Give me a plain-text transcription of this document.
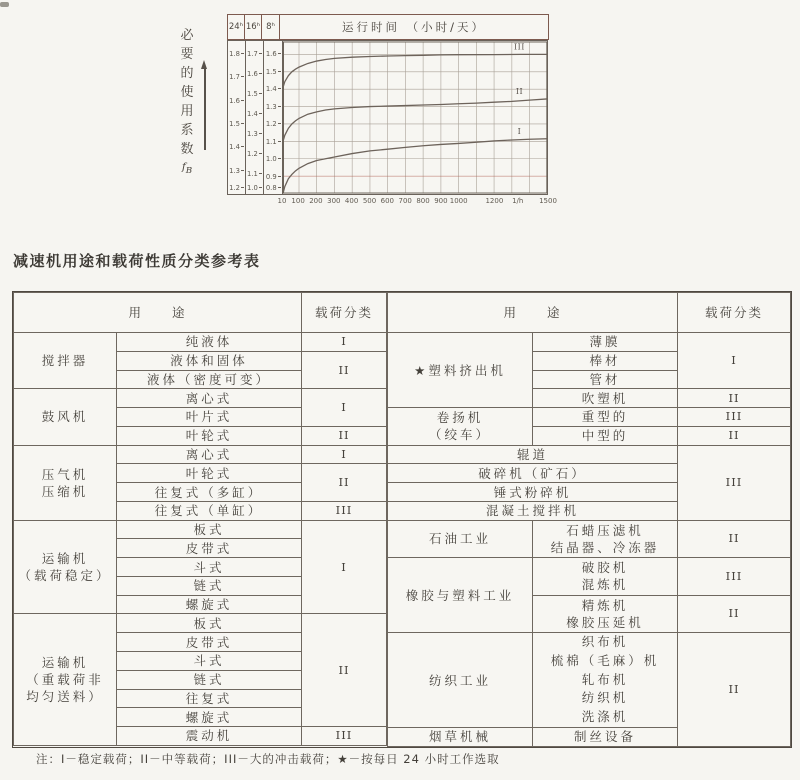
必
要
的
使
用
系
数
$f_B$
24ʰ 16ʰ 8ʰ	运行时间 （小时/天）
1.8
1.7
1.6
1.5
1.4
1.3
1.2
1.7
1.6
1.5
1.4
1.3
1.2
1.1
1.0
1.6
1.5
1.4
1.3
1.2
1.1
1.0
0.9
0.8
I
II
III
10 100 200 300 400 500 600 700 800 900 1000	1200 1/h 1500
减速机用途和载荷性质分类参考表
用　　途		载荷分类
搅拌器	纯液体	I
	液体和固体	II
	液体（密度可变）	
鼓风机	离心式	I
	叶片式	
	叶轮式	II

压气机
压缩机	离心式	I
	叶轮式	II
	往复式（多缸）	
	往复式（单缸）	III

运输机
（载荷稳定）	板式	I
	皮带式	
	斗式	
	链式	
	螺旋式	

运输机
（重载荷非
均匀送料）	板式	II
	皮带式	
	斗式	
	链式	
	往复式	
	螺旋式	
	震动机	III
用　　途		载荷分类
★塑料挤出机	薄膜	I
	棒材	
	管材	
	吹塑机	II

卷扬机
（绞车）	重型的	III
	中型的	II
辊道		III
破碎机（矿石）		
锤式粉碎机		
混凝土搅拌机		
石油工业	石蜡压滤机
结晶器、冷冻器	II

橡胶与塑料工业	破胶机
混炼机	III

	精炼机
橡胶压延机	II

纺织工业	织布机
梳棉（毛麻）机
轧布机
纺织机
洗涤机	II

烟草机械	制丝设备	
注：I－稳定载荷；II－中等载荷；III－大的冲击载荷；★－按每日 24 小时工作选取
